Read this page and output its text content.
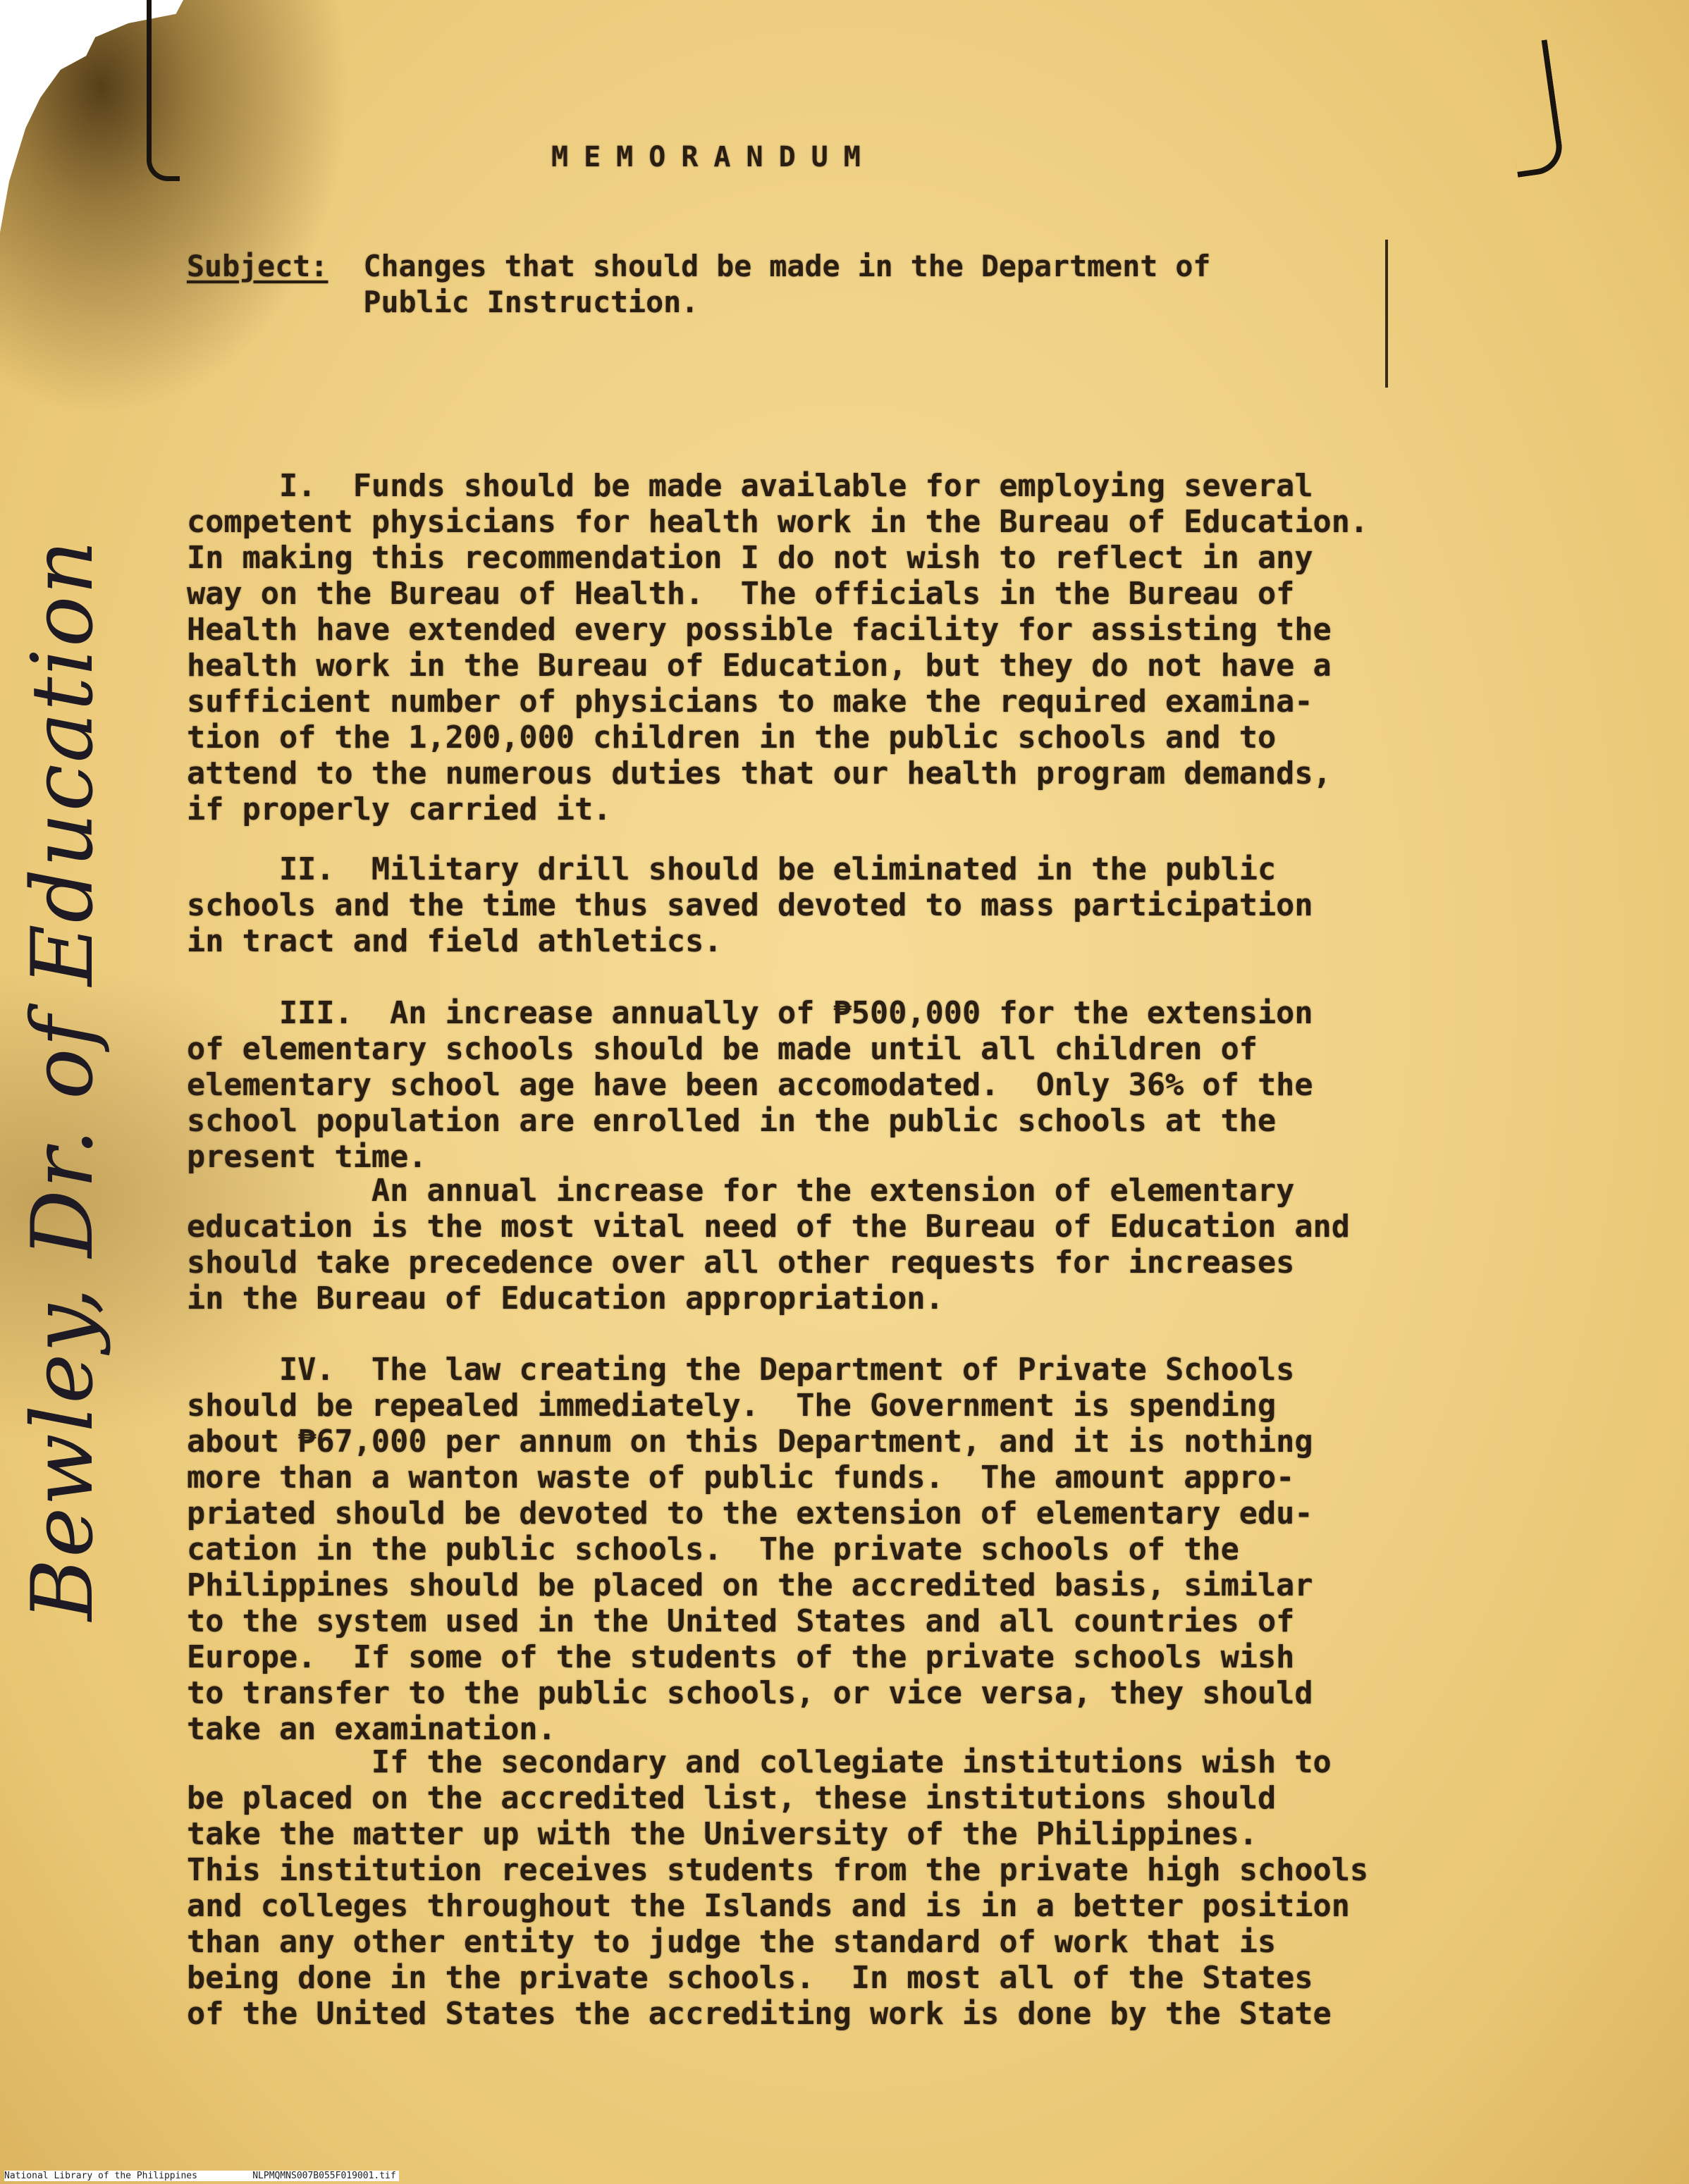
MEMORANDUM

Subject: Changes that should be made in the Department of
Public Instruction.

I.  Funds should be made available for employing several
competent physicians for health work in the Bureau of Education.
In making this recommendation I do not wish to reflect in any
way on the Bureau of Health.  The officials in the Bureau of
Health have extended every possible facility for assisting the
health work in the Bureau of Education, but they do not have a
sufficient number of physicians to make the required examina-
tion of the 1,200,000 children in the public schools and to
attend to the numerous duties that our health program demands,
if properly carried it.

II.  Military drill should be eliminated in the public
schools and the time thus saved devoted to mass participation
in tract and field athletics.

III.  An increase annually of ₱500,000 for the extension
of elementary schools should be made until all children of
elementary school age have been accomodated.  Only 36% of the
school population are enrolled in the public schools at the
present time.

An annual increase for the extension of elementary
education is the most vital need of the Bureau of Education and
should take precedence over all other requests for increases
in the Bureau of Education appropriation.

IV.  The law creating the Department of Private Schools
should be repealed immediately.  The Government is spending
about ₱67,000 per annum on this Department, and it is nothing
more than a wanton waste of public funds.  The amount appro-
priated should be devoted to the extension of elementary edu-
cation in the public schools.  The private schools of the
Philippines should be placed on the accredited basis, similar
to the system used in the United States and all countries of
Europe.  If some of the students of the private schools wish
to transfer to the public schools, or vice versa, they should
take an examination.

If the secondary and collegiate institutions wish to
be placed on the accredited list, these institutions should
take the matter up with the University of the Philippines.
This institution receives students from the private high schools
and colleges throughout the Islands and is in a better position
than any other entity to judge the standard of work that is
being done in the private schools.  In most all of the States
of the United States the accrediting work is done by the State

Bewley, Dr. of Education
National Library of the Philippines	NLPMQMNS007B055F019001.tif
